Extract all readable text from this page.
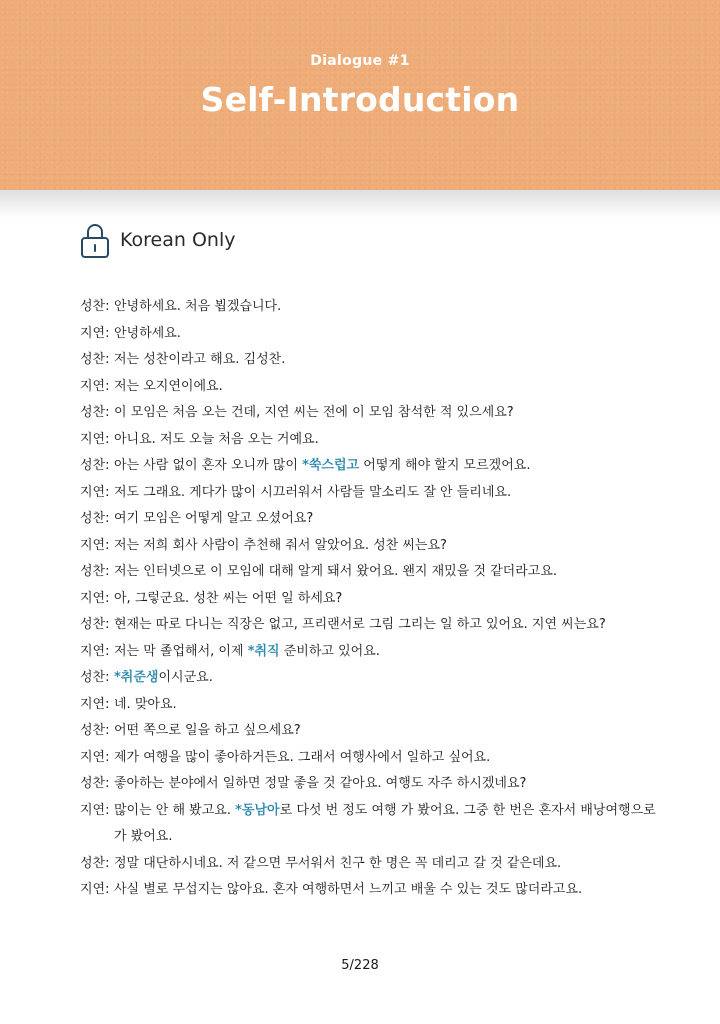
Dialogue #1
Self-Introduction
Korean Only
성찬: 안녕하세요. 처음 뵙겠습니다.
지연: 안녕하세요.
성찬: 저는 성찬이라고 해요. 김성찬.
지연: 저는 오지연이에요.
성찬: 이 모임은 처음 오는 건데, 지연 씨는 전에 이 모임 참석한 적 있으세요?
지연: 아니요. 저도 오늘 처음 오는 거예요.
성찬: 아는 사람 없이 혼자 오니까 많이 *쑥스럽고 어떻게 해야 할지 모르겠어요.
지연: 저도 그래요. 게다가 많이 시끄러워서 사람들 말소리도 잘 안 들리네요.
성찬: 여기 모임은 어떻게 알고 오셨어요?
지연: 저는 저희 회사 사람이 추천해 줘서 알았어요. 성찬 씨는요?
성찬: 저는 인터넷으로 이 모임에 대해 알게 돼서 왔어요. 왠지 재밌을 것 같더라고요.
지연: 아, 그렇군요. 성찬 씨는 어떤 일 하세요?
성찬: 현재는 따로 다니는 직장은 없고, 프리랜서로 그림 그리는 일 하고 있어요. 지연 씨는요?
지연: 저는 막 졸업해서, 이제 *취직 준비하고 있어요.
성찬: *취준생이시군요.
지연: 네. 맞아요.
성찬: 어떤 쪽으로 일을 하고 싶으세요?
지연: 제가 여행을 많이 좋아하거든요. 그래서 여행사에서 일하고 싶어요.
성찬: 좋아하는 분야에서 일하면 정말 좋을 것 같아요. 여행도 자주 하시겠네요?
지연: 많이는 안 해 봤고요. *동남아로 다섯 번 정도 여행 가 봤어요. 그중 한 번은 혼자서 배낭여행으로 가 봤어요.
성찬: 정말 대단하시네요. 저 같으면 무서워서 친구 한 명은 꼭 데리고 갈 것 같은데요.
지연: 사실 별로 무섭지는 않아요. 혼자 여행하면서 느끼고 배울 수 있는 것도 많더라고요.
5/228
